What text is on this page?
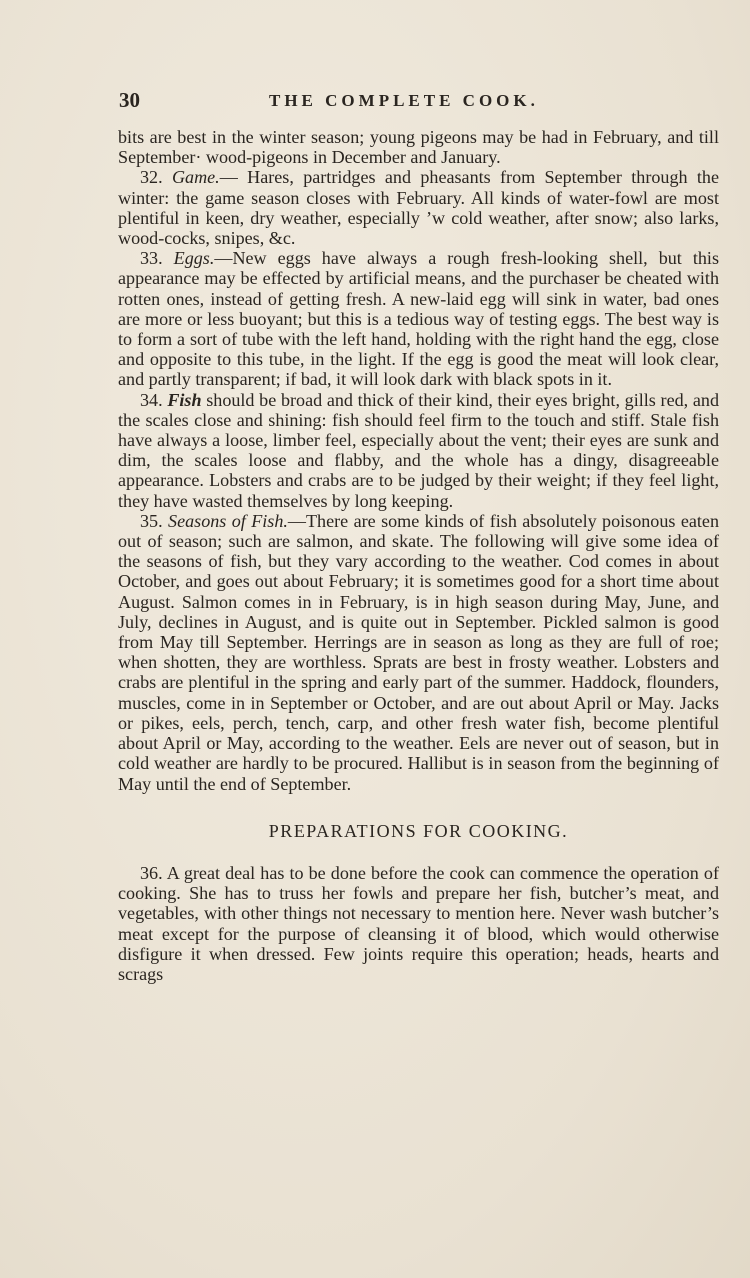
30	THE COMPLETE COOK.

bits are best in the winter season; young pigeons may be had in February, and till September· wood-pigeons in December and January.

32. Game.— Hares, partridges and pheasants from September through the winter: the game season closes with February. All kinds of water-fowl are most plentiful in keen, dry weather, especially ’w cold weather, after snow; also larks, wood-cocks, snipes, &c.

33. Eggs.—New eggs have always a rough fresh-looking shell, but this appearance may be effected by artificial means, and the purchaser be cheated with rotten ones, instead of getting fresh. A new-laid egg will sink in water, bad ones are more or less buoyant; but this is a tedious way of testing eggs. The best way is to form a sort of tube with the left hand, holding with the right hand the egg, close and opposite to this tube, in the light. If the egg is good the meat will look clear, and partly transparent; if bad, it will look dark with black spots in it.

34. Fish should be broad and thick of their kind, their eyes bright, gills red, and the scales close and shining: fish should feel firm to the touch and stiff. Stale fish have always a loose, limber feel, especially about the vent; their eyes are sunk and dim, the scales loose and flabby, and the whole has a dingy, disagreeable appearance. Lobsters and crabs are to be judged by their weight; if they feel light, they have wasted themselves by long keeping.

35. Seasons of Fish.—There are some kinds of fish absolutely poisonous eaten out of season; such are salmon, and skate. The following will give some idea of the seasons of fish, but they vary according to the weather. Cod comes in about October, and goes out about February; it is sometimes good for a short time about August. Salmon comes in in February, is in high season during May, June, and July, declines in August, and is quite out in September. Pickled salmon is good from May till September. Herrings are in season as long as they are full of roe; when shotten, they are worthless. Sprats are best in frosty weather. Lobsters and crabs are plentiful in the spring and early part of the summer. Haddock, flounders, muscles, come in in September or October, and are out about April or May. Jacks or pikes, eels, perch, tench, carp, and other fresh water fish, become plentiful about April or May, according to the weather. Eels are never out of season, but in cold weather are hardly to be procured. Hallibut is in season from the beginning of May until the end of September.

PREPARATIONS FOR COOKING.

36. A great deal has to be done before the cook can commence the operation of cooking. She has to truss her fowls and prepare her fish, butcher’s meat, and vegetables, with other things not necessary to mention here. Never wash butcher’s meat except for the purpose of cleansing it of blood, which would otherwise disfigure it when dressed. Few joints require this operation; heads, hearts and scrags
